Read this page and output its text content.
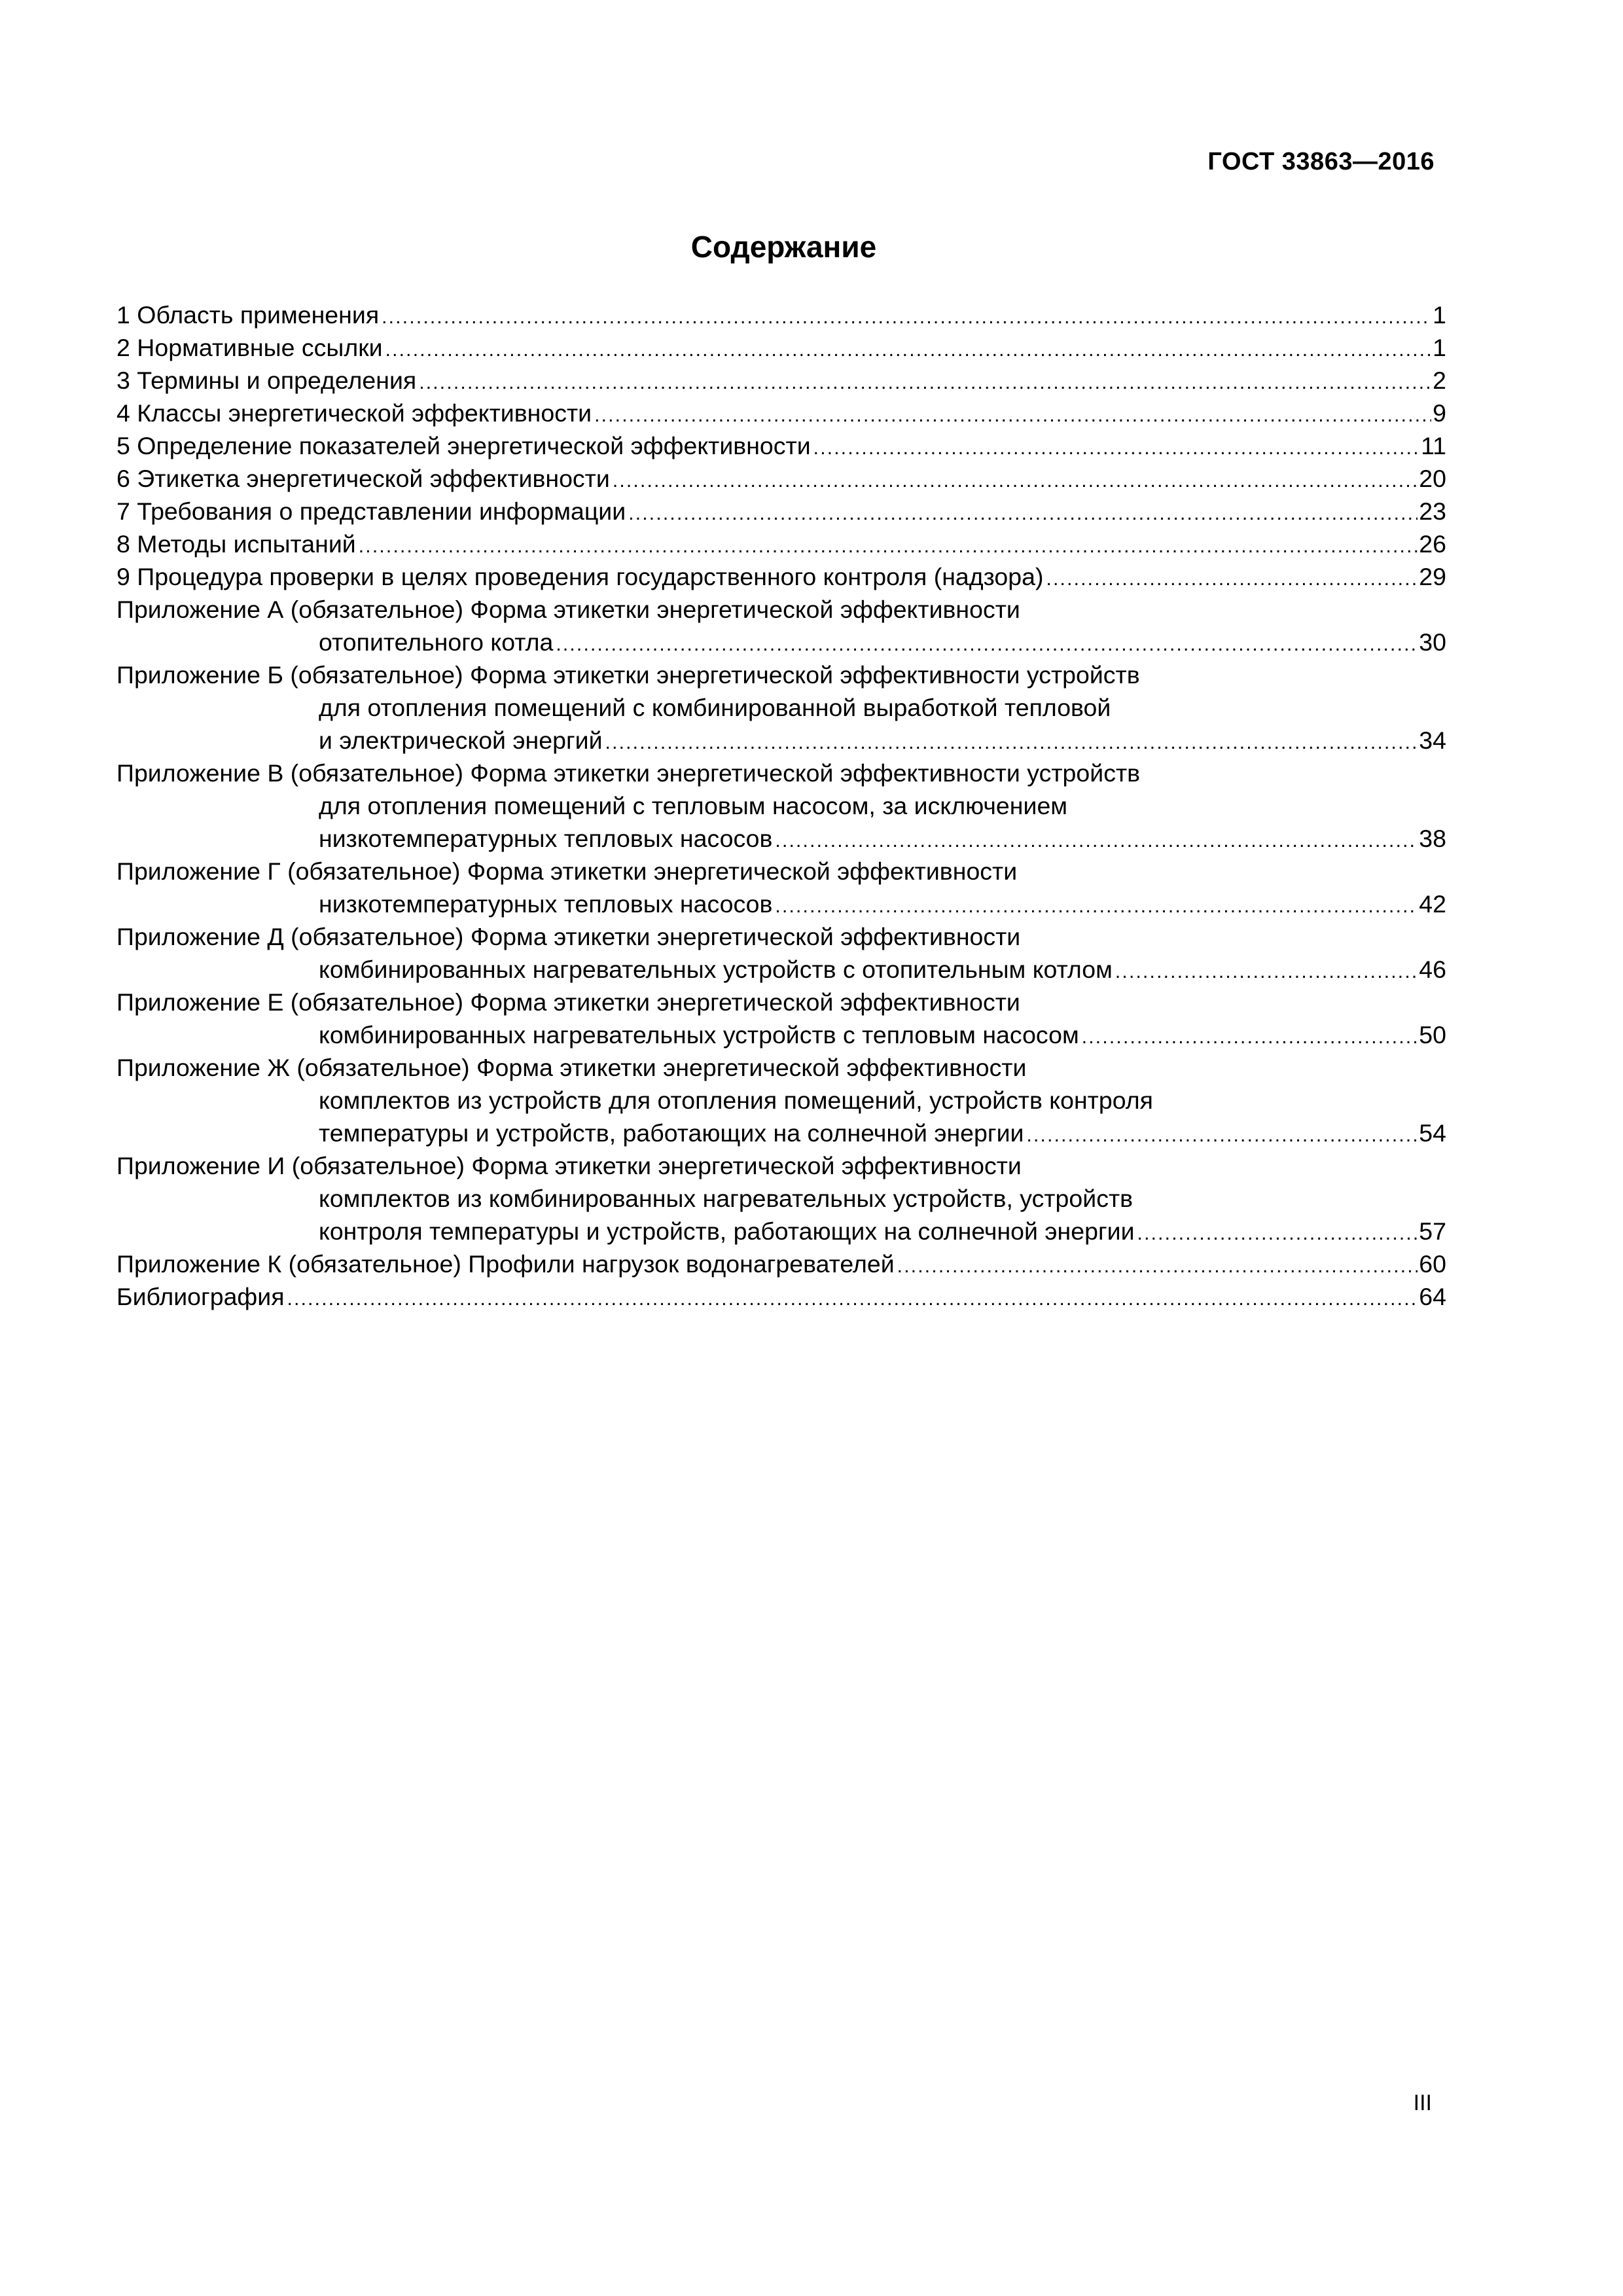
ГОСТ 33863—2016
Содержание
1 Область применения .....	1
2 Нормативные ссылки .....	1
3 Термины и определения .....	2
4 Классы энергетической эффективности .....	9
5 Определение показателей энергетической эффективности .....	11
6 Этикетка энергетической эффективности .....	20
7 Требования о представлении информации .....	23
8 Методы испытаний .....	26
9 Процедура проверки в целях проведения государственного контроля (надзора) .....	29
Приложение А (обязательное) Форма этикетки энергетической эффективности
отопительного котла .....	30
Приложение Б (обязательное) Форма этикетки энергетической эффективности устройств
для отопления помещений с комбинированной выработкой тепловой
и электрической энергий .....	34
Приложение В (обязательное) Форма этикетки энергетической эффективности устройств
для отопления помещений с тепловым насосом, за исключением
низкотемпературных тепловых насосов .....	38
Приложение Г (обязательное) Форма этикетки энергетической эффективности
низкотемпературных тепловых насосов .....	42
Приложение Д (обязательное) Форма этикетки энергетической эффективности
комбинированных нагревательных устройств с отопительным котлом .....	46
Приложение Е (обязательное) Форма этикетки энергетической эффективности
комбинированных нагревательных устройств с тепловым насосом .....	50
Приложение Ж (обязательное) Форма этикетки энергетической эффективности
комплектов из устройств для отопления помещений, устройств контроля
температуры и устройств, работающих на солнечной энергии .....	54
Приложение И (обязательное) Форма этикетки энергетической эффективности
комплектов из комбинированных нагревательных устройств, устройств
контроля температуры и устройств, работающих на солнечной энергии .....	57
Приложение К (обязательное) Профили нагрузок водонагревателей .....	60
Библиография .....	64
III
